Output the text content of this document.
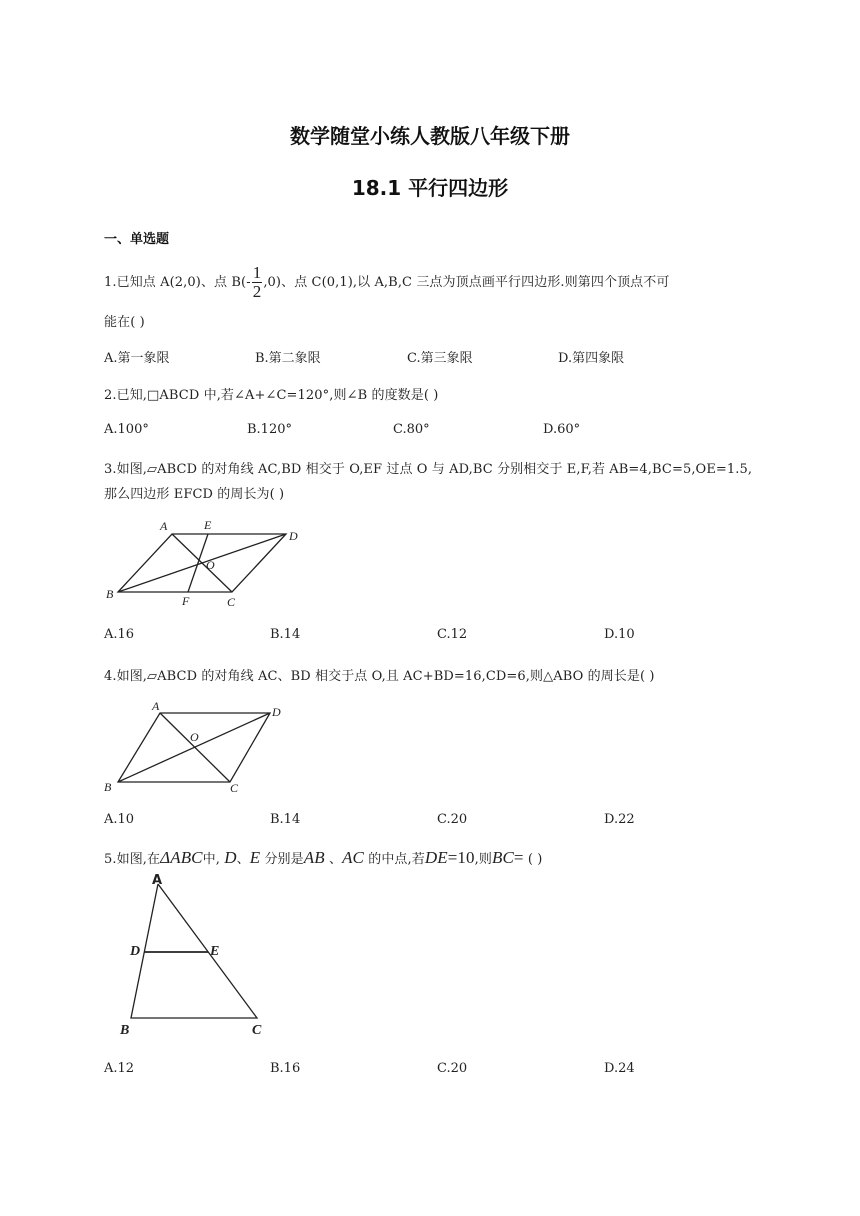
数学随堂小练人教版八年级下册
18.1 平行四边形
一、单选题
1.已知点 A(2,0)、点 $B(- \frac{1}{2} ,0)$、点 C(0,1),以 A,B,C 三点为顶点画平行四边形.则第四个顶点不可
能在( )
A.第一象限	B.第二象限	C.第三象限	D.第四象限
2.已知,□ABCD 中,若∠A+∠C=120°,则∠B 的度数是( )
A.100°	B.120°	C.80°	D.60°
3.如图,▱ABCD 的对角线 AC,BD 相交于 O,EF 过点 O 与 AD,BC 分别相交于 E,F,若 AB=4,BC=5,OE=1.5,
那么四边形 EFCD 的周长为( )
A	E
D
O
B	F	C
A.16	B.14	C.12	D.10
4.如图,▱ABCD 的对角线 AC、BD 相交于点 O,且 AC+BD=16,CD=6,则△ABO 的周长是( )
A	D
O
B	C
A.10	B.14	C.20	D.22
5.如图,在ΔABC中, D、E 分别是AB 、AC 的中点,若DE=10,则BC= ( )
A
D	E
B	C
A.12	B.16	C.20	D.24
